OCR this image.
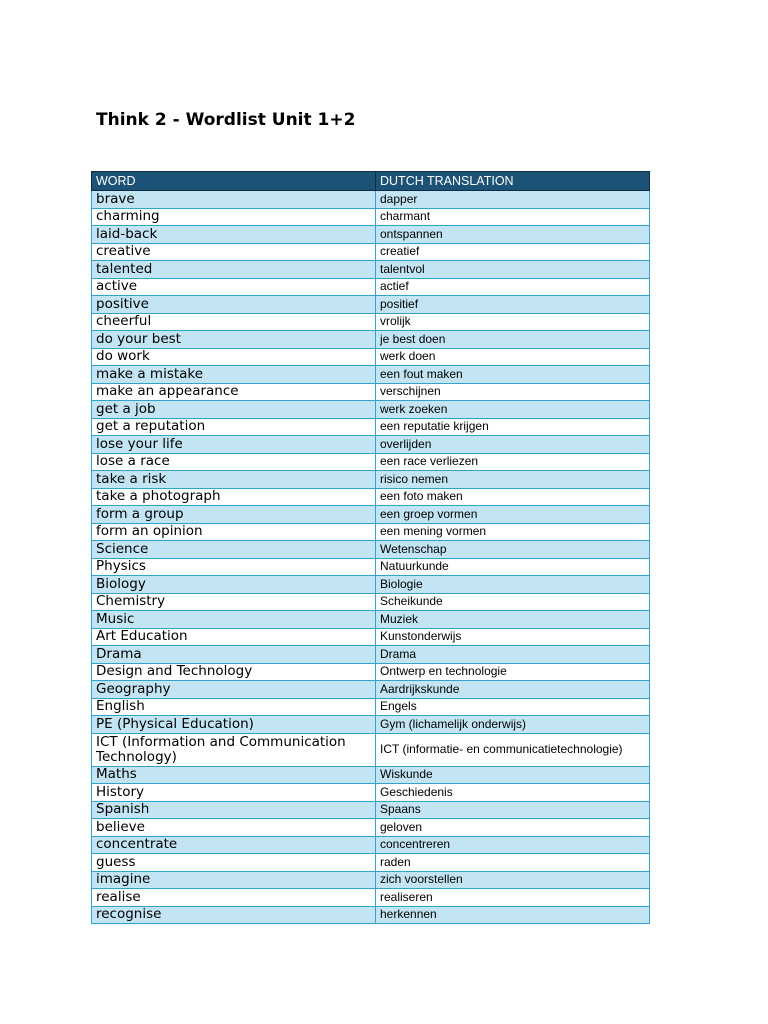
Think 2 - Wordlist Unit 1+2
WORD	DUTCH TRANSLATION
brave	dapper
charming	charmant
laid-back	ontspannen
creative	creatief
talented	talentvol
active	actief
positive	positief
cheerful	vrolijk
do your best	je best doen
do work	werk doen
make a mistake	een fout maken
make an appearance	verschijnen
get a job	werk zoeken
get a reputation	een reputatie krijgen
lose your life	overlijden
lose a race	een race verliezen
take a risk	risico nemen
take a photograph	een foto maken
form a group	een groep vormen
form an opinion	een mening vormen
Science	Wetenschap
Physics	Natuurkunde
Biology	Biologie
Chemistry	Scheikunde
Music	Muziek
Art Education	Kunstonderwijs
Drama	Drama
Design and Technology	Ontwerp en technologie
Geography	Aardrijkskunde
English	Engels
PE (Physical Education)	Gym (lichamelijk onderwijs)
ICT (Information and Communication Technology)	ICT (informatie- en communicatietechnologie)
Maths	Wiskunde
History	Geschiedenis
Spanish	Spaans
believe	geloven
concentrate	concentreren
guess	raden
imagine	zich voorstellen
realise	realiseren
recognise	herkennen
